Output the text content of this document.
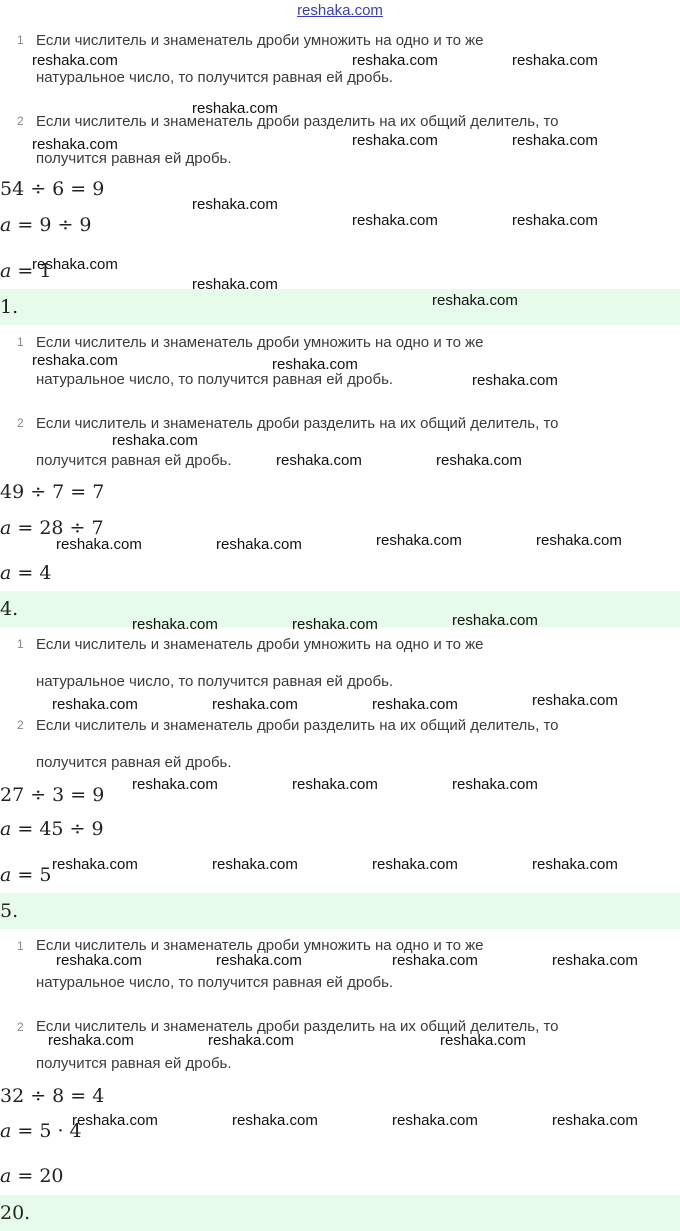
reshaka.com
1 Если числитель и знаменатель дроби умножить на одно и то же
натуральное число, то получится равная ей дробь.
2 Если числитель и знаменатель дроби разделить на их общий делитель, то
получится равная ей дробь.
54 ÷ 6 = 9
a = 9 ÷ 9
a = 1
1.
1 Если числитель и знаменатель дроби умножить на одно и то же
натуральное число, то получится равная ей дробь.
2 Если числитель и знаменатель дроби разделить на их общий делитель, то
получится равная ей дробь.
49 ÷ 7 = 7
a = 28 ÷ 7
a = 4
4.
1 Если числитель и знаменатель дроби умножить на одно и то же
натуральное число, то получится равная ей дробь.
2 Если числитель и знаменатель дроби разделить на их общий делитель, то
получится равная ей дробь.
27 ÷ 3 = 9
a = 45 ÷ 9
a = 5
5.
1 Если числитель и знаменатель дроби умножить на одно и то же
натуральное число, то получится равная ей дробь.
2 Если числитель и знаменатель дроби разделить на их общий делитель, то
получится равная ей дробь.
32 ÷ 8 = 4
a = 5 · 4
a = 20
20.
reshaka.com	reshaka.com	reshaka.com
reshaka.com
reshaka.com	reshaka.com	reshaka.com
reshaka.com
reshaka.com	reshaka.com
reshaka.com
reshaka.com
reshaka.com
reshaka.com	reshaka.com
reshaka.com
reshaka.com
reshaka.com	reshaka.com
reshaka.com	reshaka.com	reshaka.com	reshaka.com
reshaka.com	reshaka.com	reshaka.com
reshaka.com	reshaka.com	reshaka.com	reshaka.com
reshaka.com	reshaka.com	reshaka.com
reshaka.com	reshaka.com	reshaka.com	reshaka.com
reshaka.com	reshaka.com	reshaka.com	reshaka.com
reshaka.com	reshaka.com	reshaka.com
reshaka.com	reshaka.com	reshaka.com	reshaka.com
